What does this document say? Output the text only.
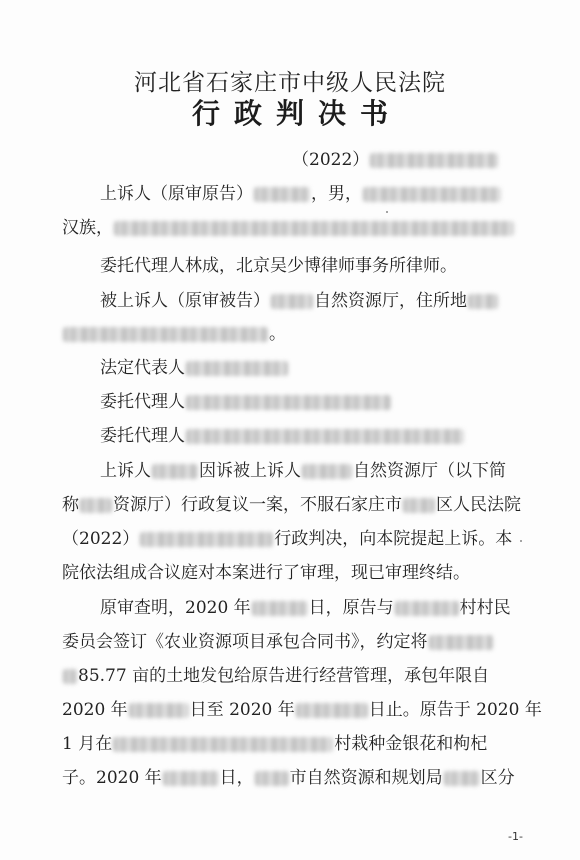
河北省石家庄市中级人民法院
行政判决书
（2022）
上诉人（原审原告）	，男，
汉族，
委托代理人林成，北京吴少博律师事务所律师。
被上诉人（原审被告）	自然资源厅，住所地
。
法定代表人
委托代理人
委托代理人
上诉人	因诉被上诉人	自然资源厅（以下简
称 资源厅）行政复议一案，不服石家庄市 区人民法院
（2022）	行政判决，向本院提起上诉。本
院依法组成合议庭对本案进行了审理，现已审理终结。
原审查明，2020 年	日，原告与	村村民
委员会签订《农业资源项目承包合同书》，约定将
85.77 亩的土地发包给原告进行经营管理，承包年限自
2020 年	日至 2020 年	日止。原告于 2020 年
1 月在	村栽种金银花和枸杞
子。2020 年	日， 市自然资源和规划局 区分
-1-
